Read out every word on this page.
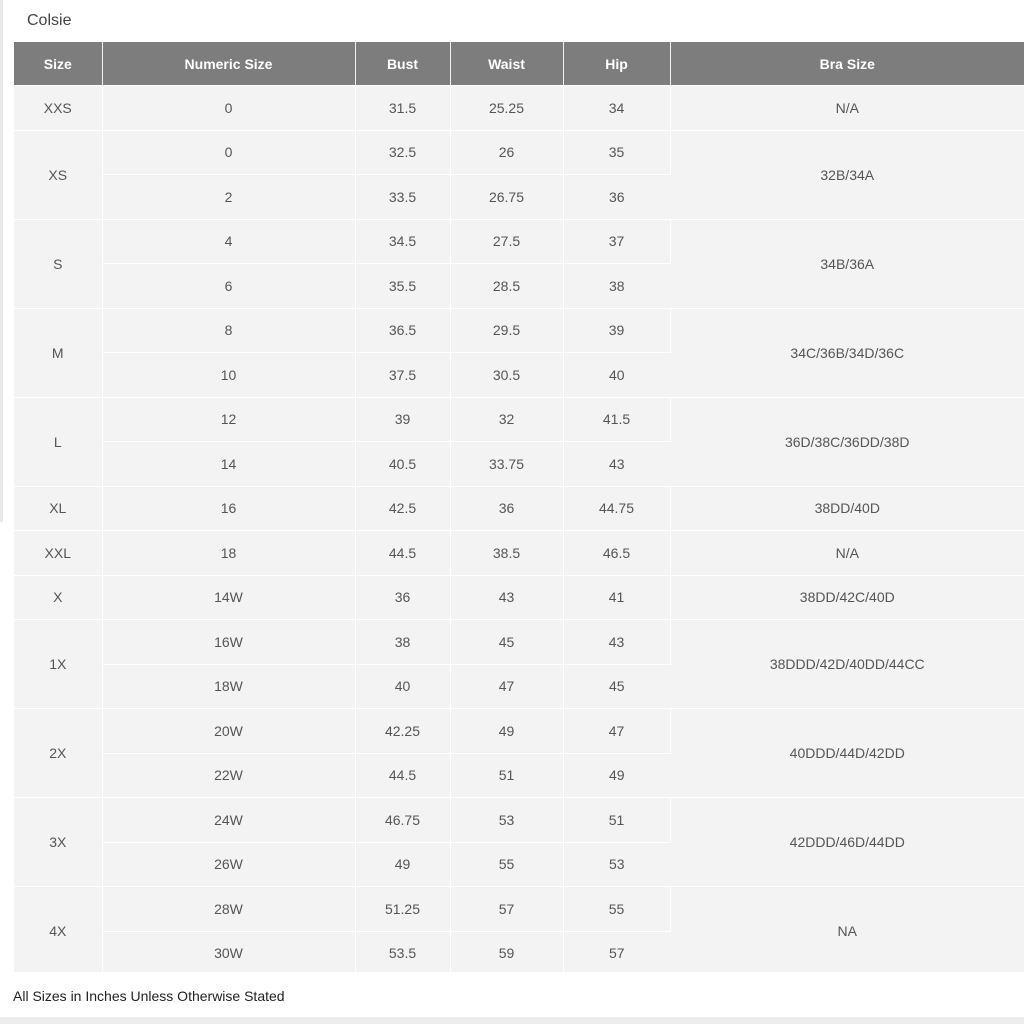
Colsie
Size	Numeric Size	Bust	Waist	Hip	Bra Size
XXS	0	31.5	25.25	34	N/A
XS	0	32.5	26	35	32B/34A
	2	33.5	26.75	36	
S	4	34.5	27.5	37	34B/36A
	6	35.5	28.5	38	
M	8	36.5	29.5	39	34C/36B/34D/36C
	10	37.5	30.5	40	
L	12	39	32	41.5	36D/38C/36DD/38D
	14	40.5	33.75	43	
XL	16	42.5	36	44.75	38DD/40D
XXL	18	44.5	38.5	46.5	N/A
X	14W	36	43	41	38DD/42C/40D
1X	16W	38	45	43	38DDD/42D/40DD/44CC
	18W	40	47	45	
2X	20W	42.25	49	47	40DDD/44D/42DD
	22W	44.5	51	49	
3X	24W	46.75	53	51	42DDD/46D/44DD
	26W	49	55	53	
4X	28W	51.25	57	55	NA
	30W	53.5	59	57	
All Sizes in Inches Unless Otherwise Stated
